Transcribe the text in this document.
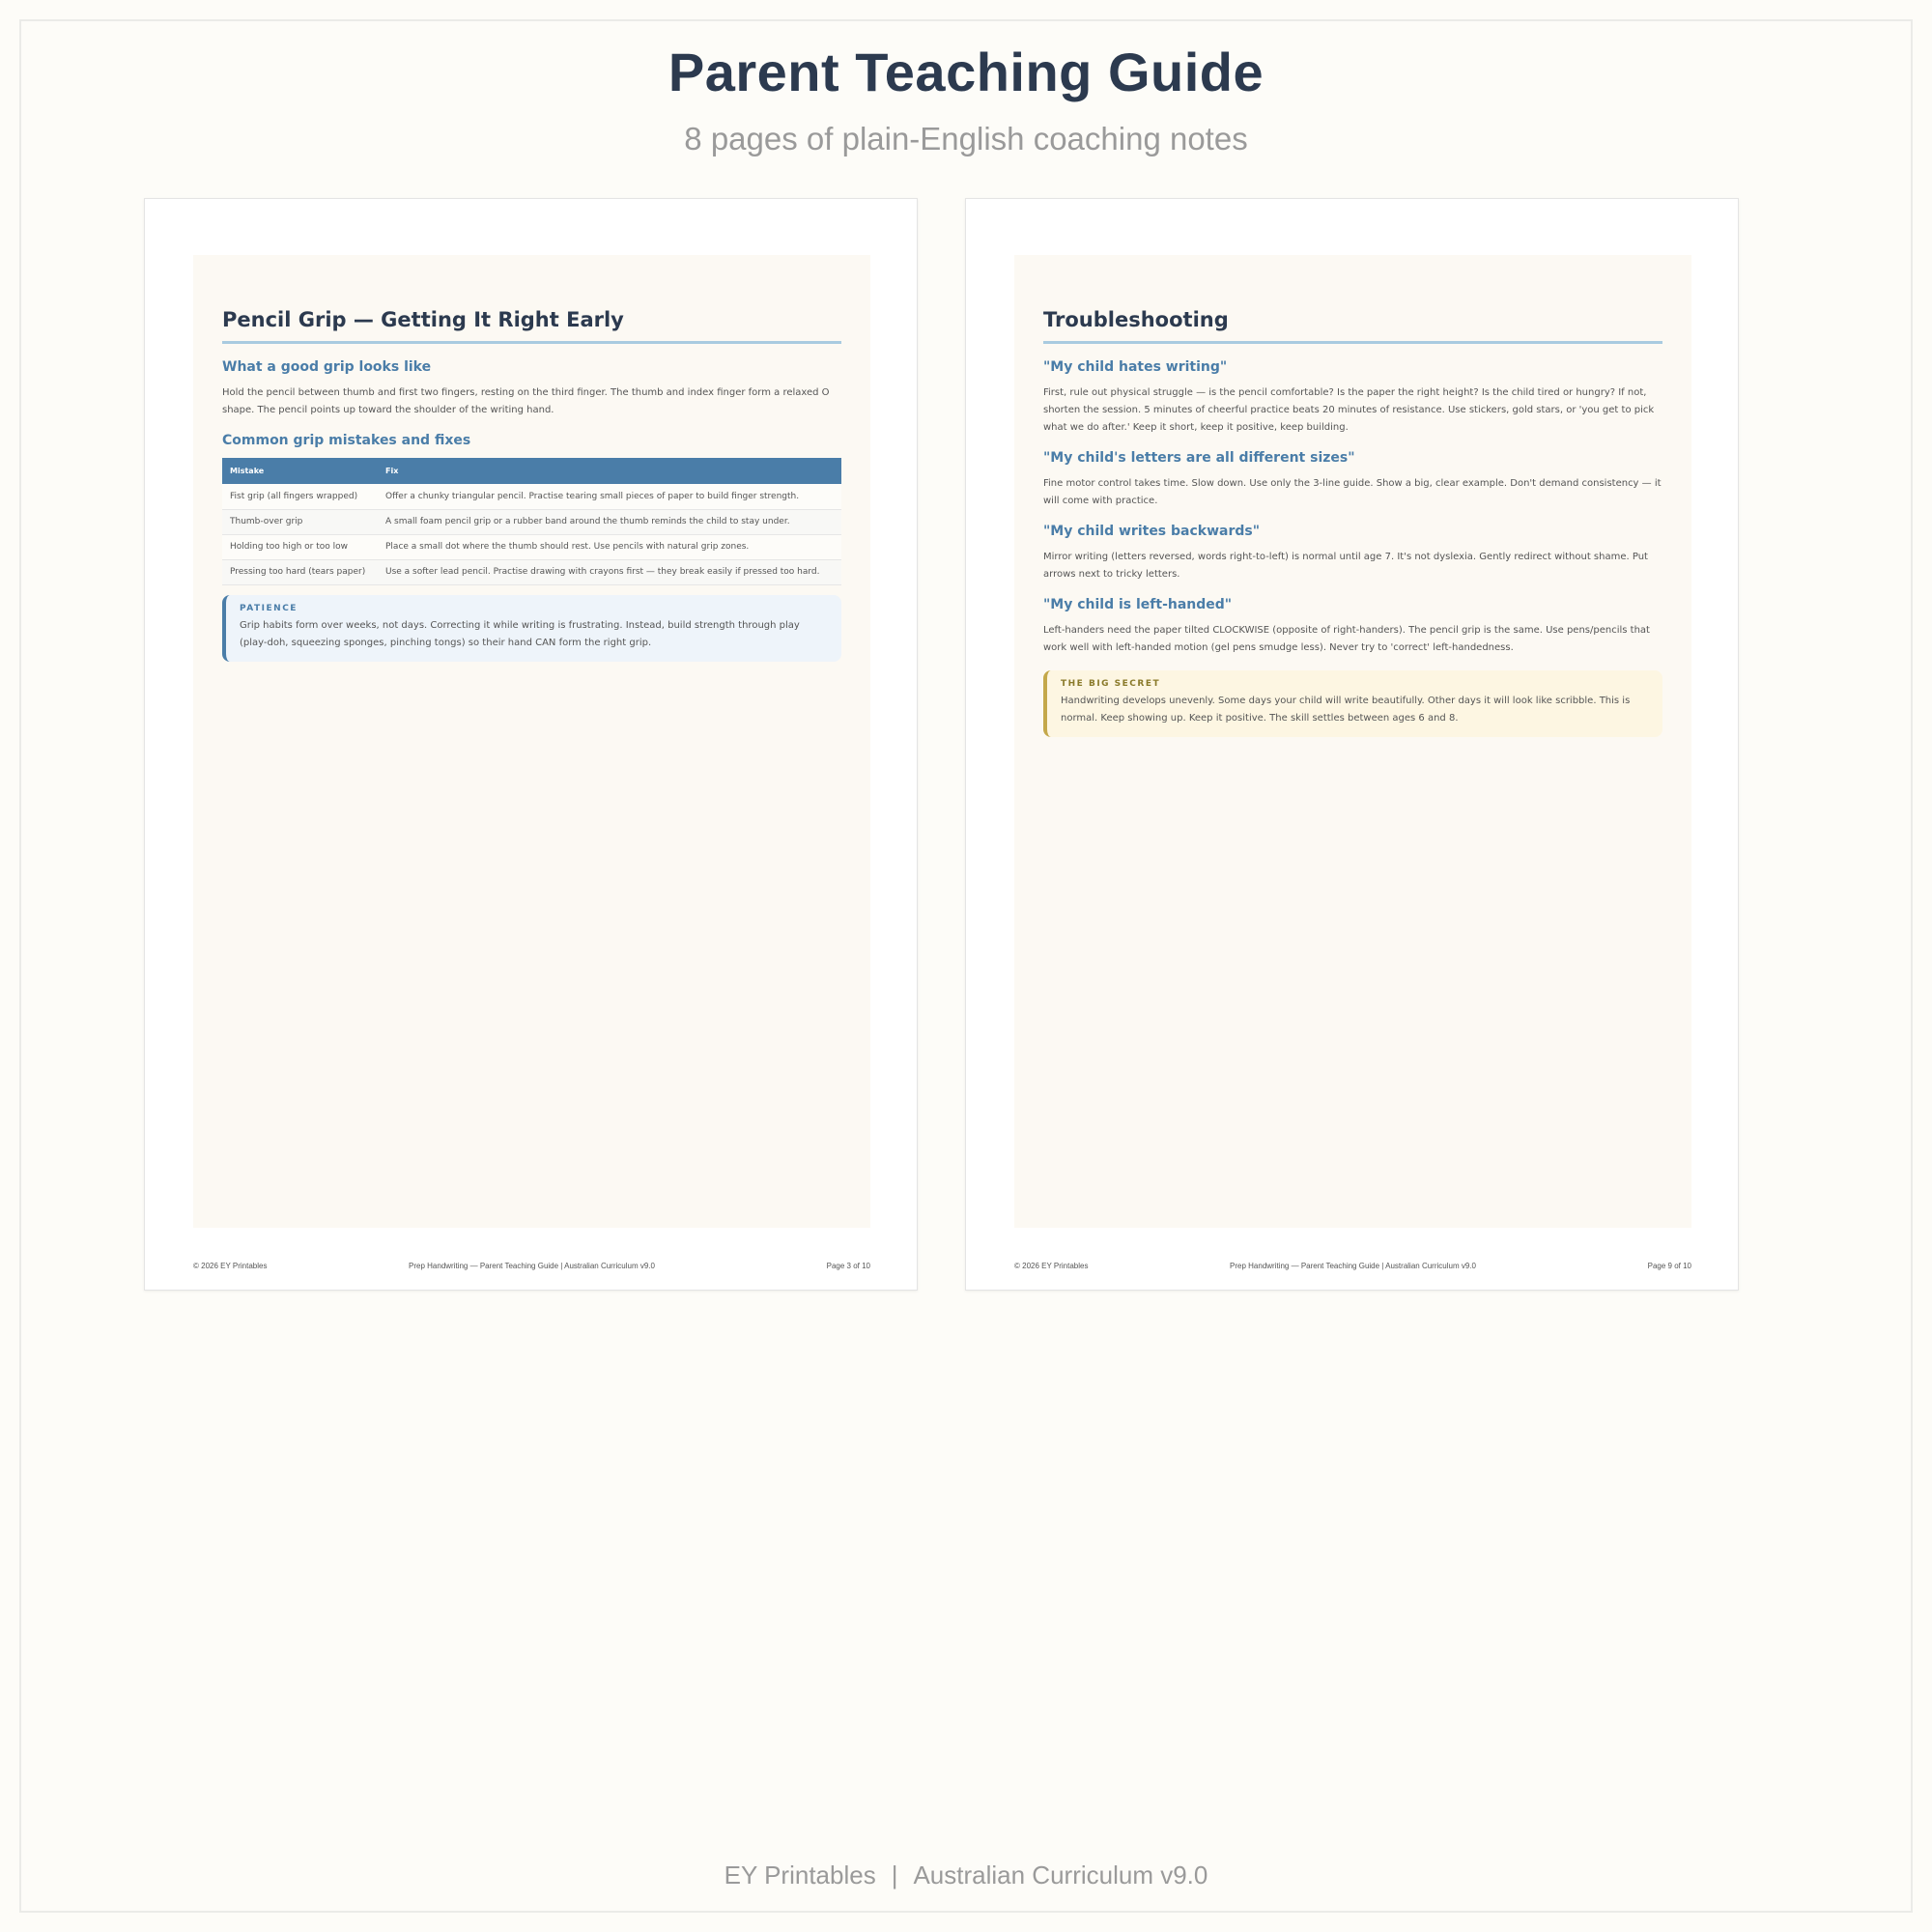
Parent Teaching Guide
8 pages of plain-English coaching notes
Pencil Grip — Getting It Right Early
What a good grip looks like

Hold the pencil between thumb and first two fingers, resting on the third finger. The thumb and index finger form a relaxed O shape. The pencil points up toward the shoulder of the writing hand.

Common grip mistakes and fixes
Mistake	Fix
Fist grip (all fingers wrapped)	Offer a chunky triangular pencil. Practise tearing small pieces of paper to build finger strength.
Thumb-over grip	A small foam pencil grip or a rubber band around the thumb reminds the child to stay under.
Holding too high or too low	Place a small dot where the thumb should rest. Use pencils with natural grip zones.
Pressing too hard (tears paper)	Use a softer lead pencil. Practise drawing with crayons first — they break easily if pressed too hard.
PATIENCE
Grip habits form over weeks, not days. Correcting it while writing is frustrating. Instead, build strength through play (play-doh, squeezing sponges, pinching tongs) so their hand CAN form the right grip.
Prep Handwriting — Parent Teaching Guide | Australian Curriculum v9.0
© 2026 EY Printables	Page 3 of 10
Troubleshooting
"My child hates writing"

First, rule out physical struggle — is the pencil comfortable? Is the paper the right height? Is the child tired or hungry? If not, shorten the session. 5 minutes of cheerful practice beats 20 minutes of resistance. Use stickers, gold stars, or 'you get to pick what we do after.' Keep it short, keep it positive, keep building.

"My child's letters are all different sizes"

Fine motor control takes time. Slow down. Use only the 3-line guide. Show a big, clear example. Don't demand consistency — it will come with practice.

"My child writes backwards"

Mirror writing (letters reversed, words right-to-left) is normal until age 7. It's not dyslexia. Gently redirect without shame. Put arrows next to tricky letters.

"My child is left-handed"

Left-handers need the paper tilted CLOCKWISE (opposite of right-handers). The pencil grip is the same. Use pens/pencils that work well with left-handed motion (gel pens smudge less). Never try to 'correct' left-handedness.

THE BIG SECRET
Handwriting develops unevenly. Some days your child will write beautifully. Other days it will look like scribble. This is normal. Keep showing up. Keep it positive. The skill settles between ages 6 and 8.
Prep Handwriting — Parent Teaching Guide | Australian Curriculum v9.0
© 2026 EY Printables	Page 9 of 10
EY Printables | Australian Curriculum v9.0
